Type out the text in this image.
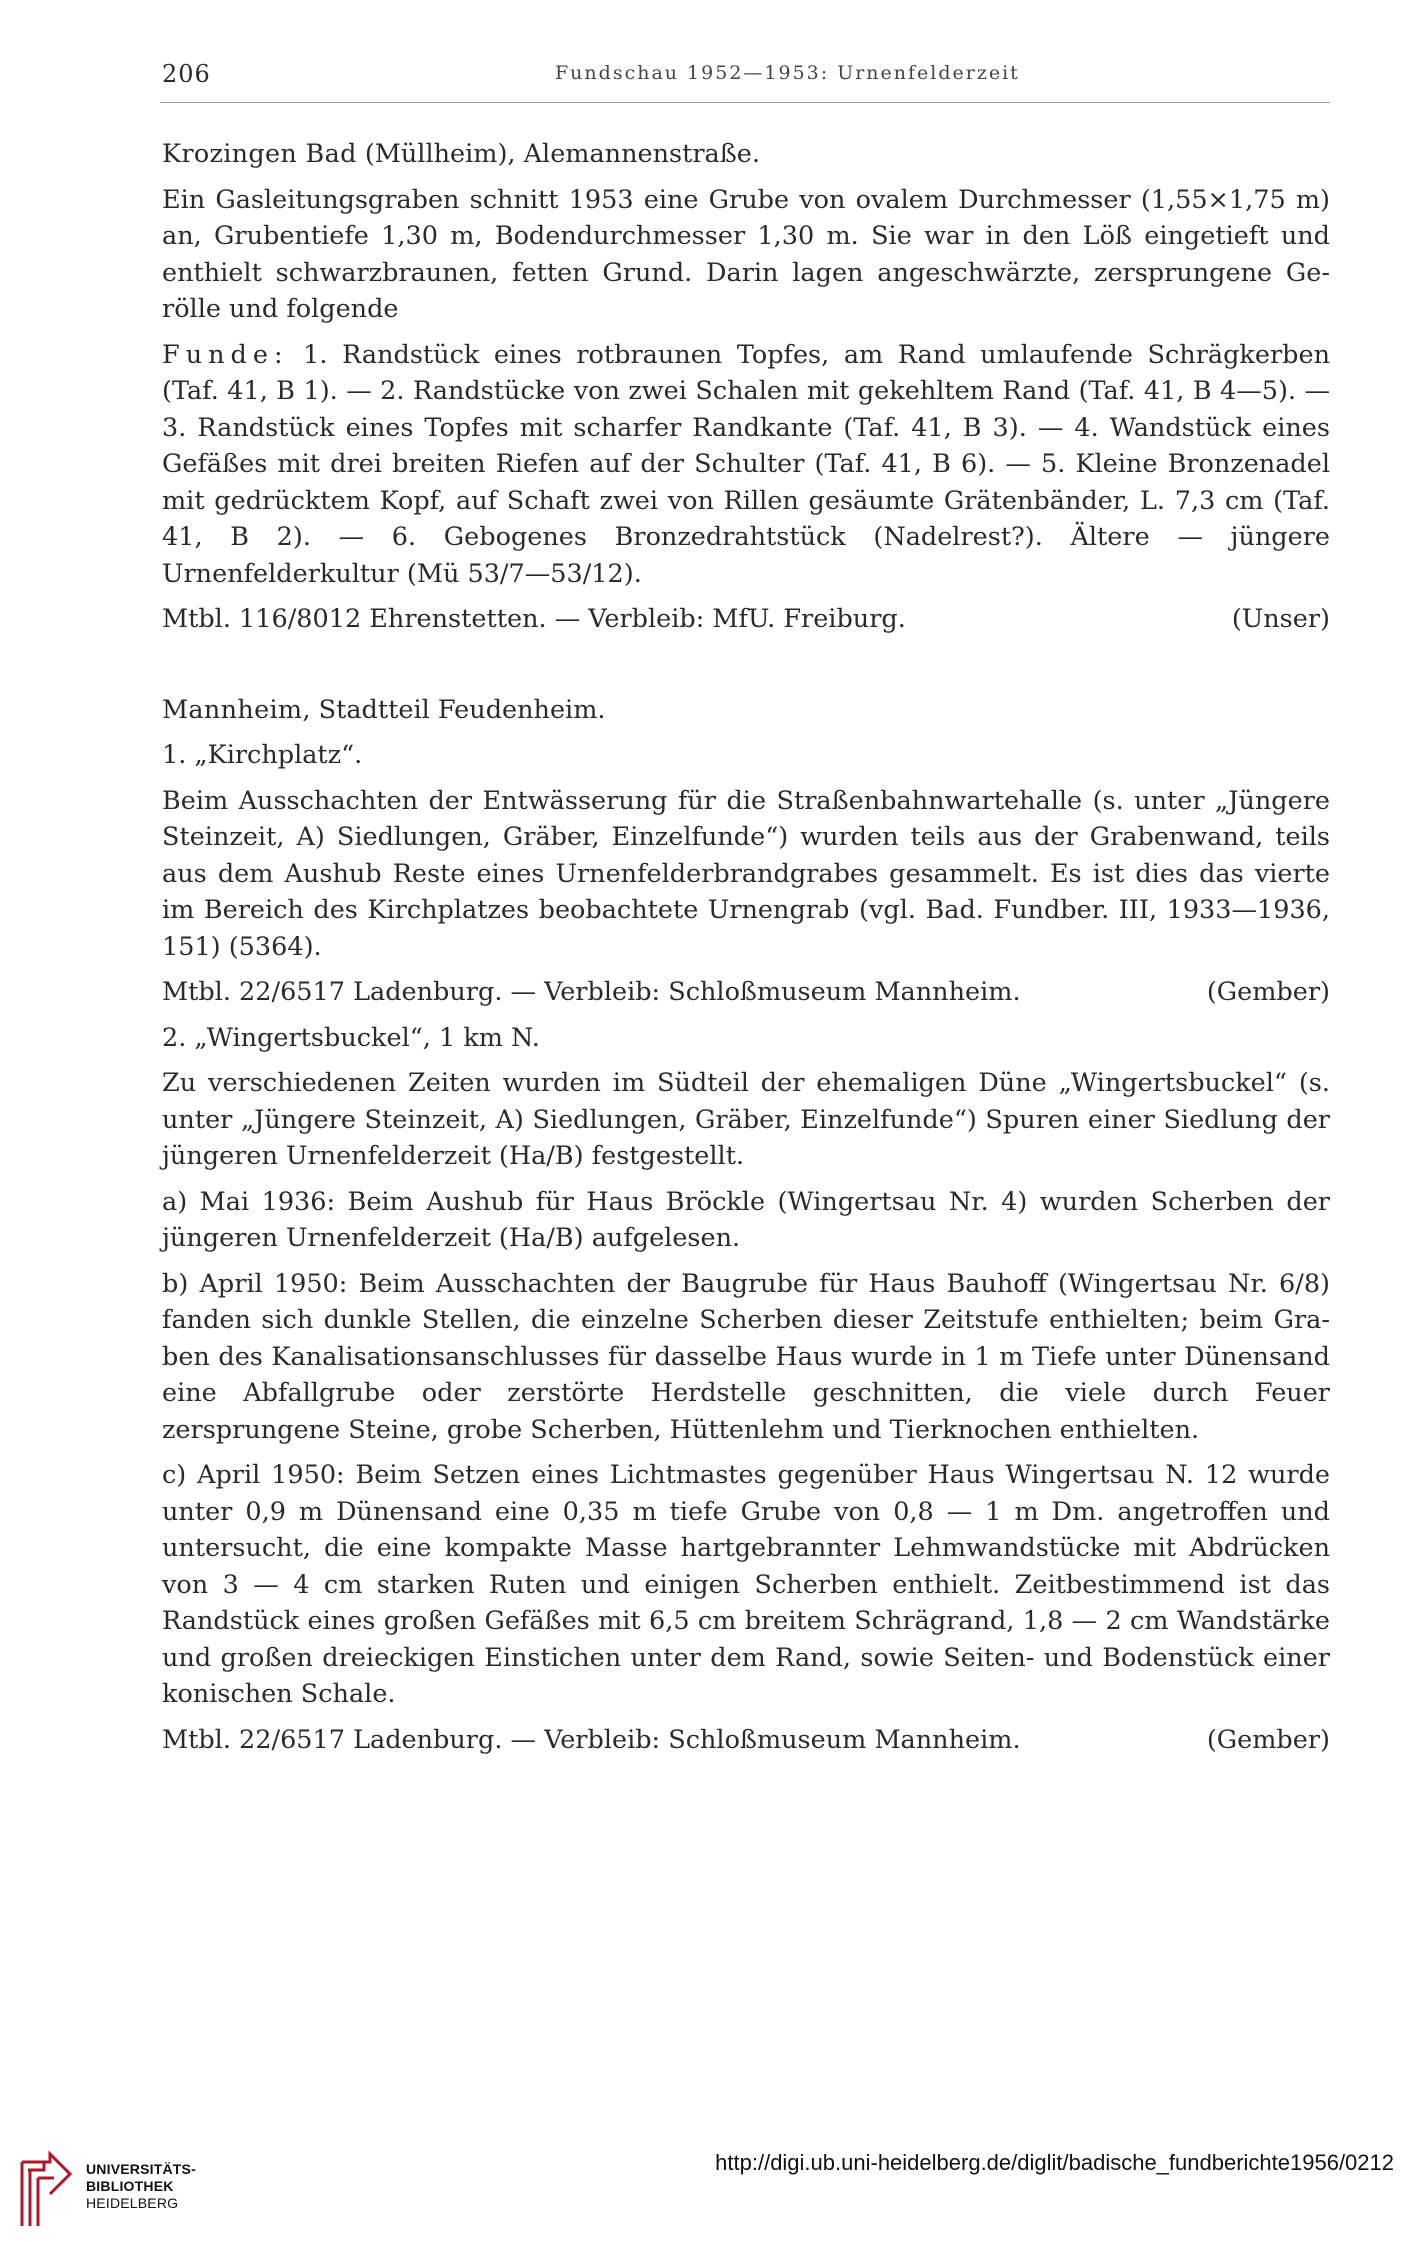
206	Fundschau 1952—1953: Urnenfelderzeit

Krozingen Bad (Müllheim), Alemannenstraße.

Ein Gasleitungsgraben schnitt 1953 eine Grube von ovalem Durchmesser (1,55×1,75 m) an, Grubentiefe 1,30 m, Bodendurchmesser 1,30 m. Sie war in den Löß eingetieft und enthielt schwarzbraunen, fetten Grund. Darin lagen angeschwärzte, zersprungene Gerölle und folgende

Funde: 1. Randstück eines rotbraunen Topfes, am Rand umlaufende Schrägkerben (Taf. 41, B 1). — 2. Randstücke von zwei Schalen mit gekehltem Rand (Taf. 41, B 4—5). — 3. Randstück eines Topfes mit scharfer Randkante (Taf. 41, B 3). — 4. Wandstück eines Gefäßes mit drei breiten Riefen auf der Schulter (Taf. 41, B 6). — 5. Kleine Bronzenadel mit gedrücktem Kopf, auf Schaft zwei von Rillen gesäumte Grätenbänder, L. 7,3 cm (Taf. 41, B 2). — 6. Gebogenes Bronzedrahtstück (Nadelrest?). Ältere — jüngere Urnenfelderkultur (Mü 53/7—53/12).

Mtbl. 116/8012 Ehrenstetten. — Verbleib: MfU. Freiburg.	(Unser)

Mannheim, Stadtteil Feudenheim.

1. „Kirchplatz“.

Beim Ausschachten der Entwässerung für die Straßenbahnwartehalle (s. unter „Jüngere Steinzeit, A) Siedlungen, Gräber, Einzelfunde“) wurden teils aus der Grabenwand, teils aus dem Aushub Reste eines Urnenfelderbrandgrabes gesammelt. Es ist dies das vierte im Bereich des Kirchplatzes beobachtete Urnengrab (vgl. Bad. Fundber. III, 1933—1936, 151) (5364).

Mtbl. 22/6517 Ladenburg. — Verbleib: Schloßmuseum Mannheim.	(Gember)

2. „Wingertsbuckel“, 1 km N.

Zu verschiedenen Zeiten wurden im Südteil der ehemaligen Düne „Wingertsbuckel“ (s. unter „Jüngere Steinzeit, A) Siedlungen, Gräber, Einzelfunde“) Spuren einer Siedlung der jüngeren Urnenfelderzeit (Ha/B) festgestellt.

a) Mai 1936: Beim Aushub für Haus Bröckle (Wingertsau Nr. 4) wurden Scherben der jüngeren Urnenfelderzeit (Ha/B) aufgelesen.

b) April 1950: Beim Ausschachten der Baugrube für Haus Bauhoff (Wingertsau Nr. 6/8) fanden sich dunkle Stellen, die einzelne Scherben dieser Zeitstufe enthielten; beim Graben des Kanalisationsanschlusses für dasselbe Haus wurde in 1 m Tiefe unter Dünensand eine Abfallgrube oder zerstörte Herdstelle geschnitten, die viele durch Feuer zersprungene Steine, grobe Scherben, Hüttenlehm und Tierknochen enthielten.

c) April 1950: Beim Setzen eines Lichtmastes gegenüber Haus Wingertsau N. 12 wurde unter 0,9 m Dünensand eine 0,35 m tiefe Grube von 0,8 — 1 m Dm. angetroffen und untersucht, die eine kompakte Masse hartgebrannter Lehmwandstücke mit Abdrücken von 3 — 4 cm starken Ruten und einigen Scherben enthielt. Zeitbestimmend ist das Randstück eines großen Gefäßes mit 6,5 cm breitem Schrägrand, 1,8 — 2 cm Wandstärke und großen dreieckigen Einstichen unter dem Rand, sowie Seiten- und Bodenstück einer konischen Schale.

Mtbl. 22/6517 Ladenburg. — Verbleib: Schloßmuseum Mannheim.	(Gember)

UNIVERSITÄTS-
BIBLIOTHEK
HEIDELBERG
http://digi.ub.uni-heidelberg.de/diglit/badische_fundberichte1956/0212
